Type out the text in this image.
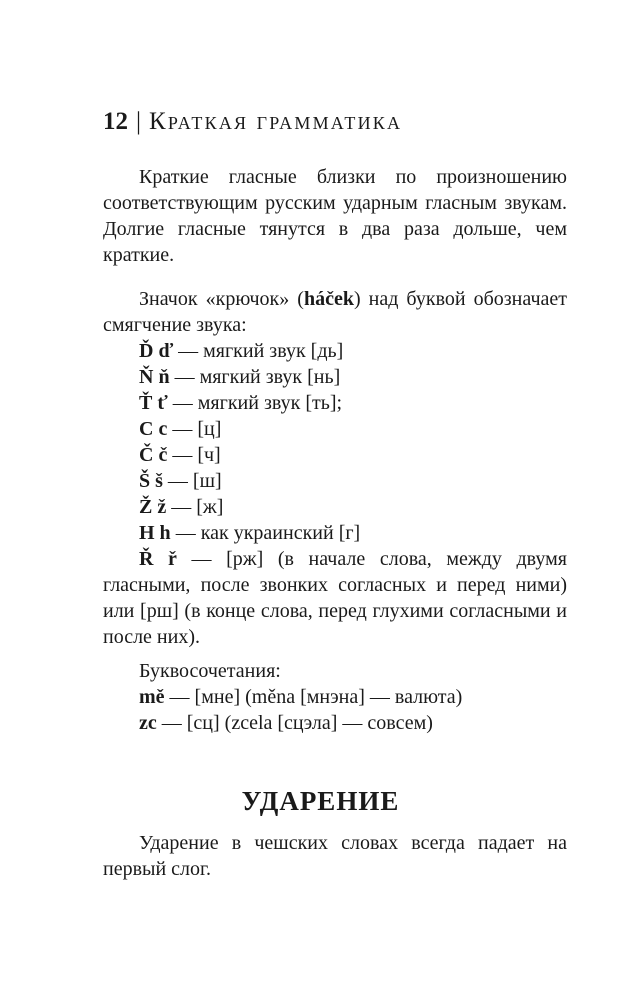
12 | Краткая грамматика

Краткие гласные близки по произношению соответствующим русским ударным гласным звукам. Долгие гласные тянутся в два раза дольше, чем краткие.

Значок «крючок» (háček) над буквой обозначает смягчение звука:

Ď ď — мягкий звук [дь]

Ň ň — мягкий звук [нь]

Ť ť — мягкий звук [ть];

C c — [ц]

Č č — [ч]

Š š — [ш]

Ž ž — [ж]

H h — как украинский [г]

Ř ř — [рж] (в начале слова, между двумя гласными, после звонких согласных и перед ними) или [рш] (в конце слова, перед глухими согласными и после них).

Буквосочетания:

mě — [мне] (měna [мнэна] — валюта)

zc — [сц] (zcela [сцэла] — совсем)

УДАРЕНИЕ

Ударение в чешских словах всегда падает на первый слог.
